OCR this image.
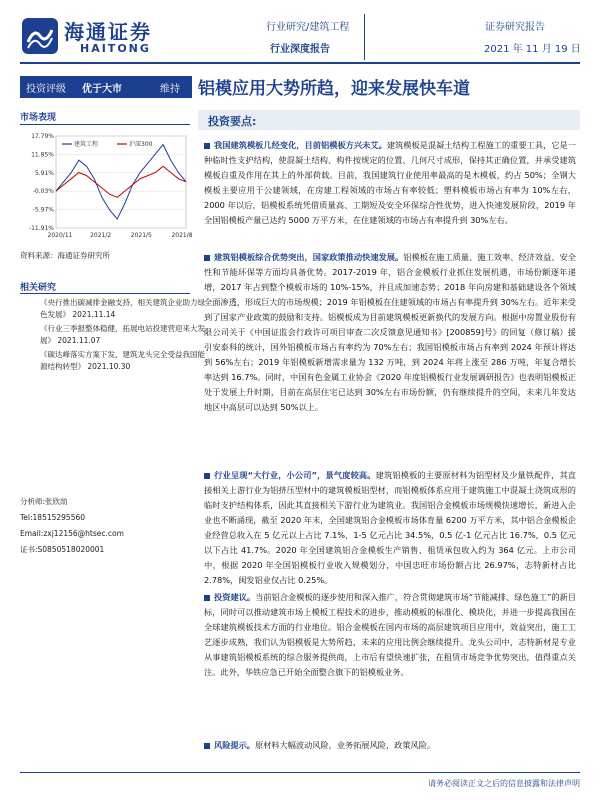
海通证券
HAITONG
行业研究/建筑工程
行业深度报告
证券研究报告
2021 年 11 月 19 日
投资评级 优于大市	维持 铝模应用大势所趋，迎来发展快车道
市场表现
17.79%
11.85%
5.91%
-0.03%
-5.97%
-11.91%
2020/11	2021/2	2021/5	2021/8
建筑工程	沪深300
资料来源：海通证券研究所
相关研究
《央行推出碳减排金融支持，相关建筑企业助力绿色发展》 2021.11.14
《行业三季报整体稳健，拓展电站投建营迎来大发展》 2021.11.07
《碳达峰落实方案下发，建筑龙头完全受益我国能源结构转型》 2021.10.30
分析师:张欣劼
Tel:18515295560
Email:zxj12156@htsec.com
证书:S0850518020001
投资要点:
我国建筑模板几经变化，目前铝模板方兴未艾。建筑模板是混凝土结构工程施工的重要工具，它是一种临时性支护结构，使混凝土结构、构件按规定的位置、几何尺寸成形，保持其正确位置，并承受建筑模板自重及作用在其上的外部荷载。目前，我国建筑行业使用率最高的是木模板，约占 50%；全钢大模板主要应用于公建领域，在房建工程领域的市场占有率较低；塑料模板市场占有率为 10%左右，2000 年以后，铝模板系统凭借质量高、工期短及安全环保综合性优势，进入快速发展阶段，2019 年全国铝模板产量已达约 5000 万平方米，在住建领域的市场占有率提升到 30%左右。
建筑铝模板综合优势突出，国家政策推动快速发展。铝模板在施工质量、施工效率、经济效益、安全性和节能环保等方面均具备优势。2017-2019 年，铝合金模板行业抓住发展机遇，市场份额逐年递增，2017 年占到整个模板市场的 10%-15%，并且成加速态势；2018 年向房建和基础建设各个领域全面渗透，形成巨大的市场规模；2019 年铝模板在住建领域的市场占有率提升到 30%左右。近年来受到了国家产业政策的鼓励和支持。铝模板成为目前建筑模板更新换代的发展方向。根据中房置业股份有限公司关于《中国证监会行政许可项目审查二次反馈意见通知书》[200859]号》的回复（修订稿）援引安泰科的统计，国外铝模板市场占有率约为 70%左右；我国铝模板市场占有率到 2024 年预计将达到 56%左右；2019 年铝模板新增需求量为 132 万吨，到 2024 年将上涨至 286 万吨，年复合增长率达到 16.7%。同时，中国有色金属工业协会《2020 年度铝模板行业发展调研报告》也表明铝模板正处于发展上升时期，目前在高层住宅已达到 30%左右市场份额，仍有继续提升的空间，未来几年发达地区中高层可以达到 50%以上。
行业呈现“大行业，小公司”，景气度较高。建筑铝模板的主要原材料为铝型材及少量铁配件，其直接相关上游行业为铝挤压型材中的建筑模板铝型材，而铝模板体系应用于建筑施工中混凝土浇筑成形的临时支护结构体系，因此其直接相关下游行业为建筑业。我国铝合金模板市场规模快速增长，新进入企业也不断涌现，截至 2020 年末，全国建筑铝合金模板市场体育量 6200 万平方米，其中铝合金模板企业经营总收入在 5 亿元以上占比 7.1%，1-5 亿元占比 34.5%，0.5 亿-1 亿元占比 16.7%，0.5 亿元以下占比 41.7%。2020 年全国建筑铝合金模板生产销售、租赁承包收入约为 364 亿元。上市公司中，根据 2020 年全国铝模板行业收入规模划分，中国忠旺市场份额占比 26.97%，志特新材占比 2.78%，闽发铝业仅占比 0.25%。
投资建议。当前铝合金模板的逐步使用和深入推广，符合贯彻建筑市场“节能减排、绿色施工”的新目标，同时可以推动建筑市场上模板工程技术的进步，推动模板的标准化、模块化，并进一步提高我国在全球建筑模板技术方面的行业地位。铝合金模板在国内市场的高层建筑项目应用中，效益突出，施工工艺逐步成熟，我们认为铝模板是大势所趋，未来的应用比例会继续提升。龙头公司中，志特新材是专业从事建筑铝模板系统的综合服务提供商，上市后有望快速扩张，在租赁市场竞争优势突出，值得重点关注。此外，华铁应急已开始全面整合旗下的铝模板业务。
风险提示。原材料大幅波动风险，业务拓展风险，政策风险。
请务必阅读正文之后的信息披露和法律声明
